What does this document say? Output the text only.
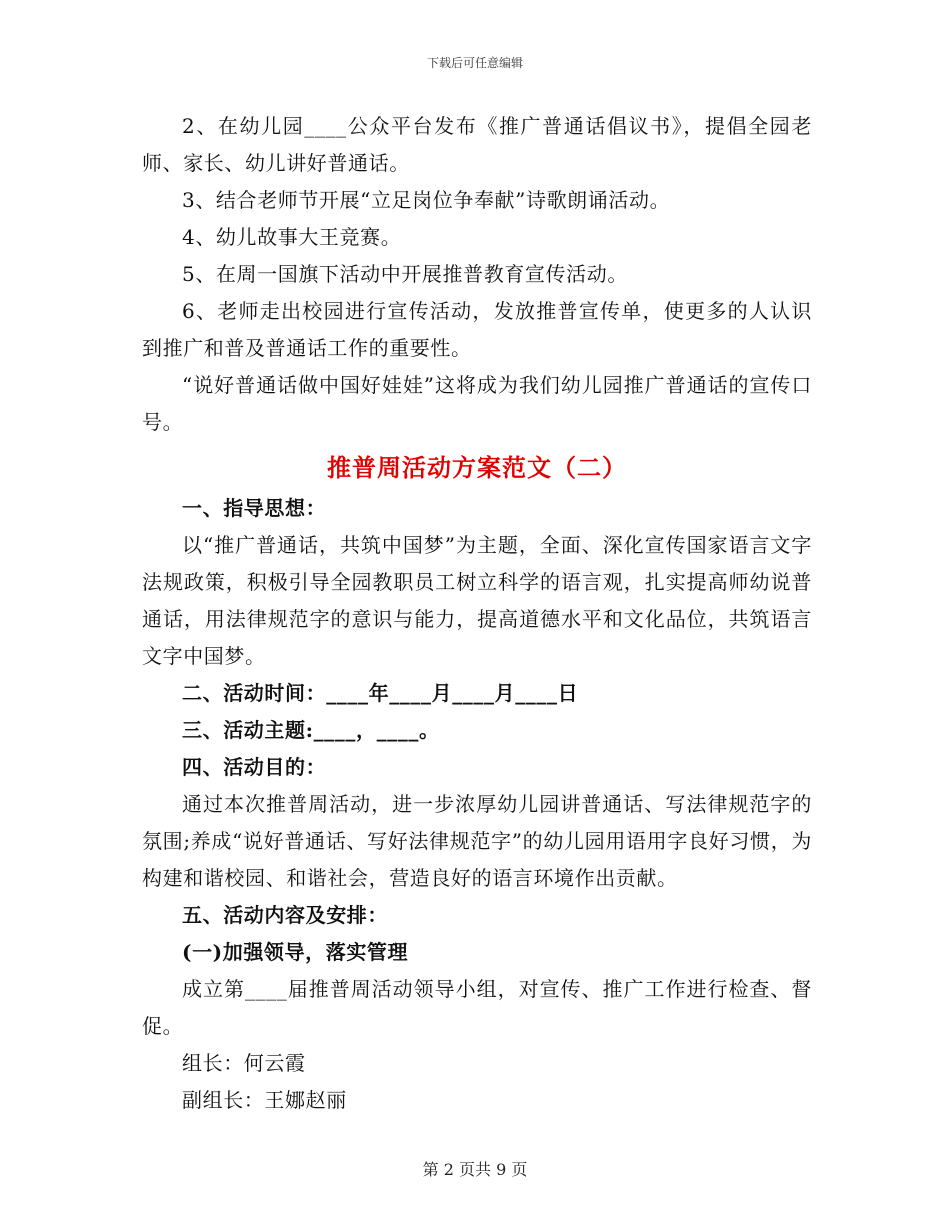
下载后可任意编辑

2、在幼儿园____公众平台发布《推广普通话倡议书》，提倡全园老师、家长、幼儿讲好普通话。

3、结合老师节开展“立足岗位争奉献”诗歌朗诵活动。

4、幼儿故事大王竞赛。

5、在周一国旗下活动中开展推普教育宣传活动。

6、老师走出校园进行宣传活动，发放推普宣传单，使更多的人认识到推广和普及普通话工作的重要性。

“说好普通话做中国好娃娃”这将成为我们幼儿园推广普通话的宣传口号。

推普周活动方案范文（二）

一、指导思想：

以“推广普通话，共筑中国梦”为主题，全面、深化宣传国家语言文字法规政策，积极引导全园教职员工树立科学的语言观，扎实提高师幼说普通话，用法律规范字的意识与能力，提高道德水平和文化品位，共筑语言文字中国梦。

二、活动时间：____年____月____月____日

三、活动主题:____，____。

四、活动目的：

通过本次推普周活动，进一步浓厚幼儿园讲普通话、写法律规范字的氛围;养成“说好普通话、写好法律规范字”的幼儿园用语用字良好习惯，为构建和谐校园、和谐社会，营造良好的语言环境作出贡献。

五、活动内容及安排：

(一)加强领导，落实管理

成立第____届推普周活动领导小组，对宣传、推广工作进行检查、督促。

组长：何云霞

副组长：王娜赵丽

第 2 页共 9 页
